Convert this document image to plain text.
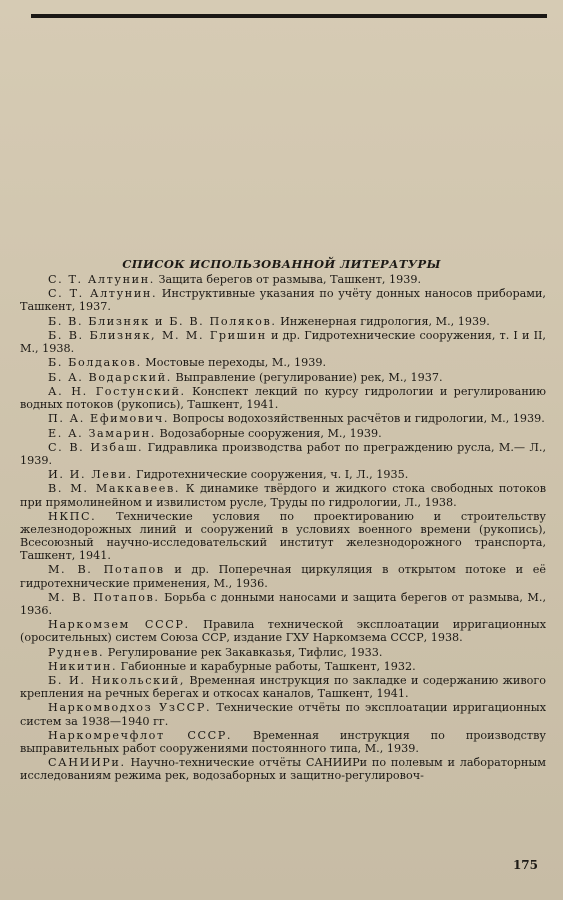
СПИСОК ИСПОЛЬЗОВАННОЙ ЛИТЕРАТУРЫ

С. Т. Алтунин. Защита берегов от размыва, Ташкент, 1939.

С. Т. Алтунин. Инструктивные указания по учёту донных наносов приборами, Ташкент, 1937.

Б. В. Близняк и Б. В. Поляков. Инженерная гидрология, М., 1939.

Б. В. Близняк, М. М. Гришин и др. Гидротехнические сооружения, т. I и II, М., 1938.

Б. Болдаков. Мостовые переходы, М., 1939.

Б. А. Водарский. Выправление (регулирование) рек, М., 1937.

А. Н. Гостунский. Конспект лекций по курсу гидрологии и регулированию водных потоков (рукопись), Ташкент, 1941.

П. А. Ефимович. Вопросы водохозяйственных расчётов и гидрологии, М., 1939.

Е. А. Замарин. Водозаборные сооружения, М., 1939.

С. В. Избаш. Гидравлика производства работ по преграждению русла, М.— Л., 1939.

И. И. Леви. Гидротехнические сооружения, ч. I, Л., 1935.

В. М. Маккавеев. К динамике твёрдого и жидкого стока свободных потоков при прямолинейном и извилистом русле, Труды по гидрологии, Л., 1938.

НКПС. Технические условия по проектированию и строительству железнодорожных линий и сооружений в условиях военного времени (рукопись), Всесоюзный научно-исследовательский институт железнодорожного транспорта, Ташкент, 1941.

М. В. Потапов и др. Поперечная циркуляция в открытом потоке и её гидротехнические применения, М., 1936.

М. В. Потапов. Борьба с донными наносами и защита берегов от размыва, М., 1936.

Наркомзем СССР. Правила технической эксплоатации ирригационных (оросительных) систем Союза ССР, издание ГХУ Наркомзема СССР, 1938.

Руднев. Регулирование рек Закавказья, Тифлис, 1933.

Никитин. Габионные и карабурные работы, Ташкент, 1932.

Б. И. Никольский, Временная инструкция по закладке и содержанию живого крепления на речных берегах и откосах каналов, Ташкент, 1941.

Наркомводхоз УзССР. Технические отчёты по эксплоатации ирригационных систем за 1938—1940 гг.

Наркомречфлот СССР. Временная инструкция по производству выправительных работ сооружениями постоянного типа, М., 1939.

САНИИРи. Научно-технические отчёты САНИИРи по полевым и лабораторным исследованиям режима рек, водозаборных и защитно-регулировоч-

175
